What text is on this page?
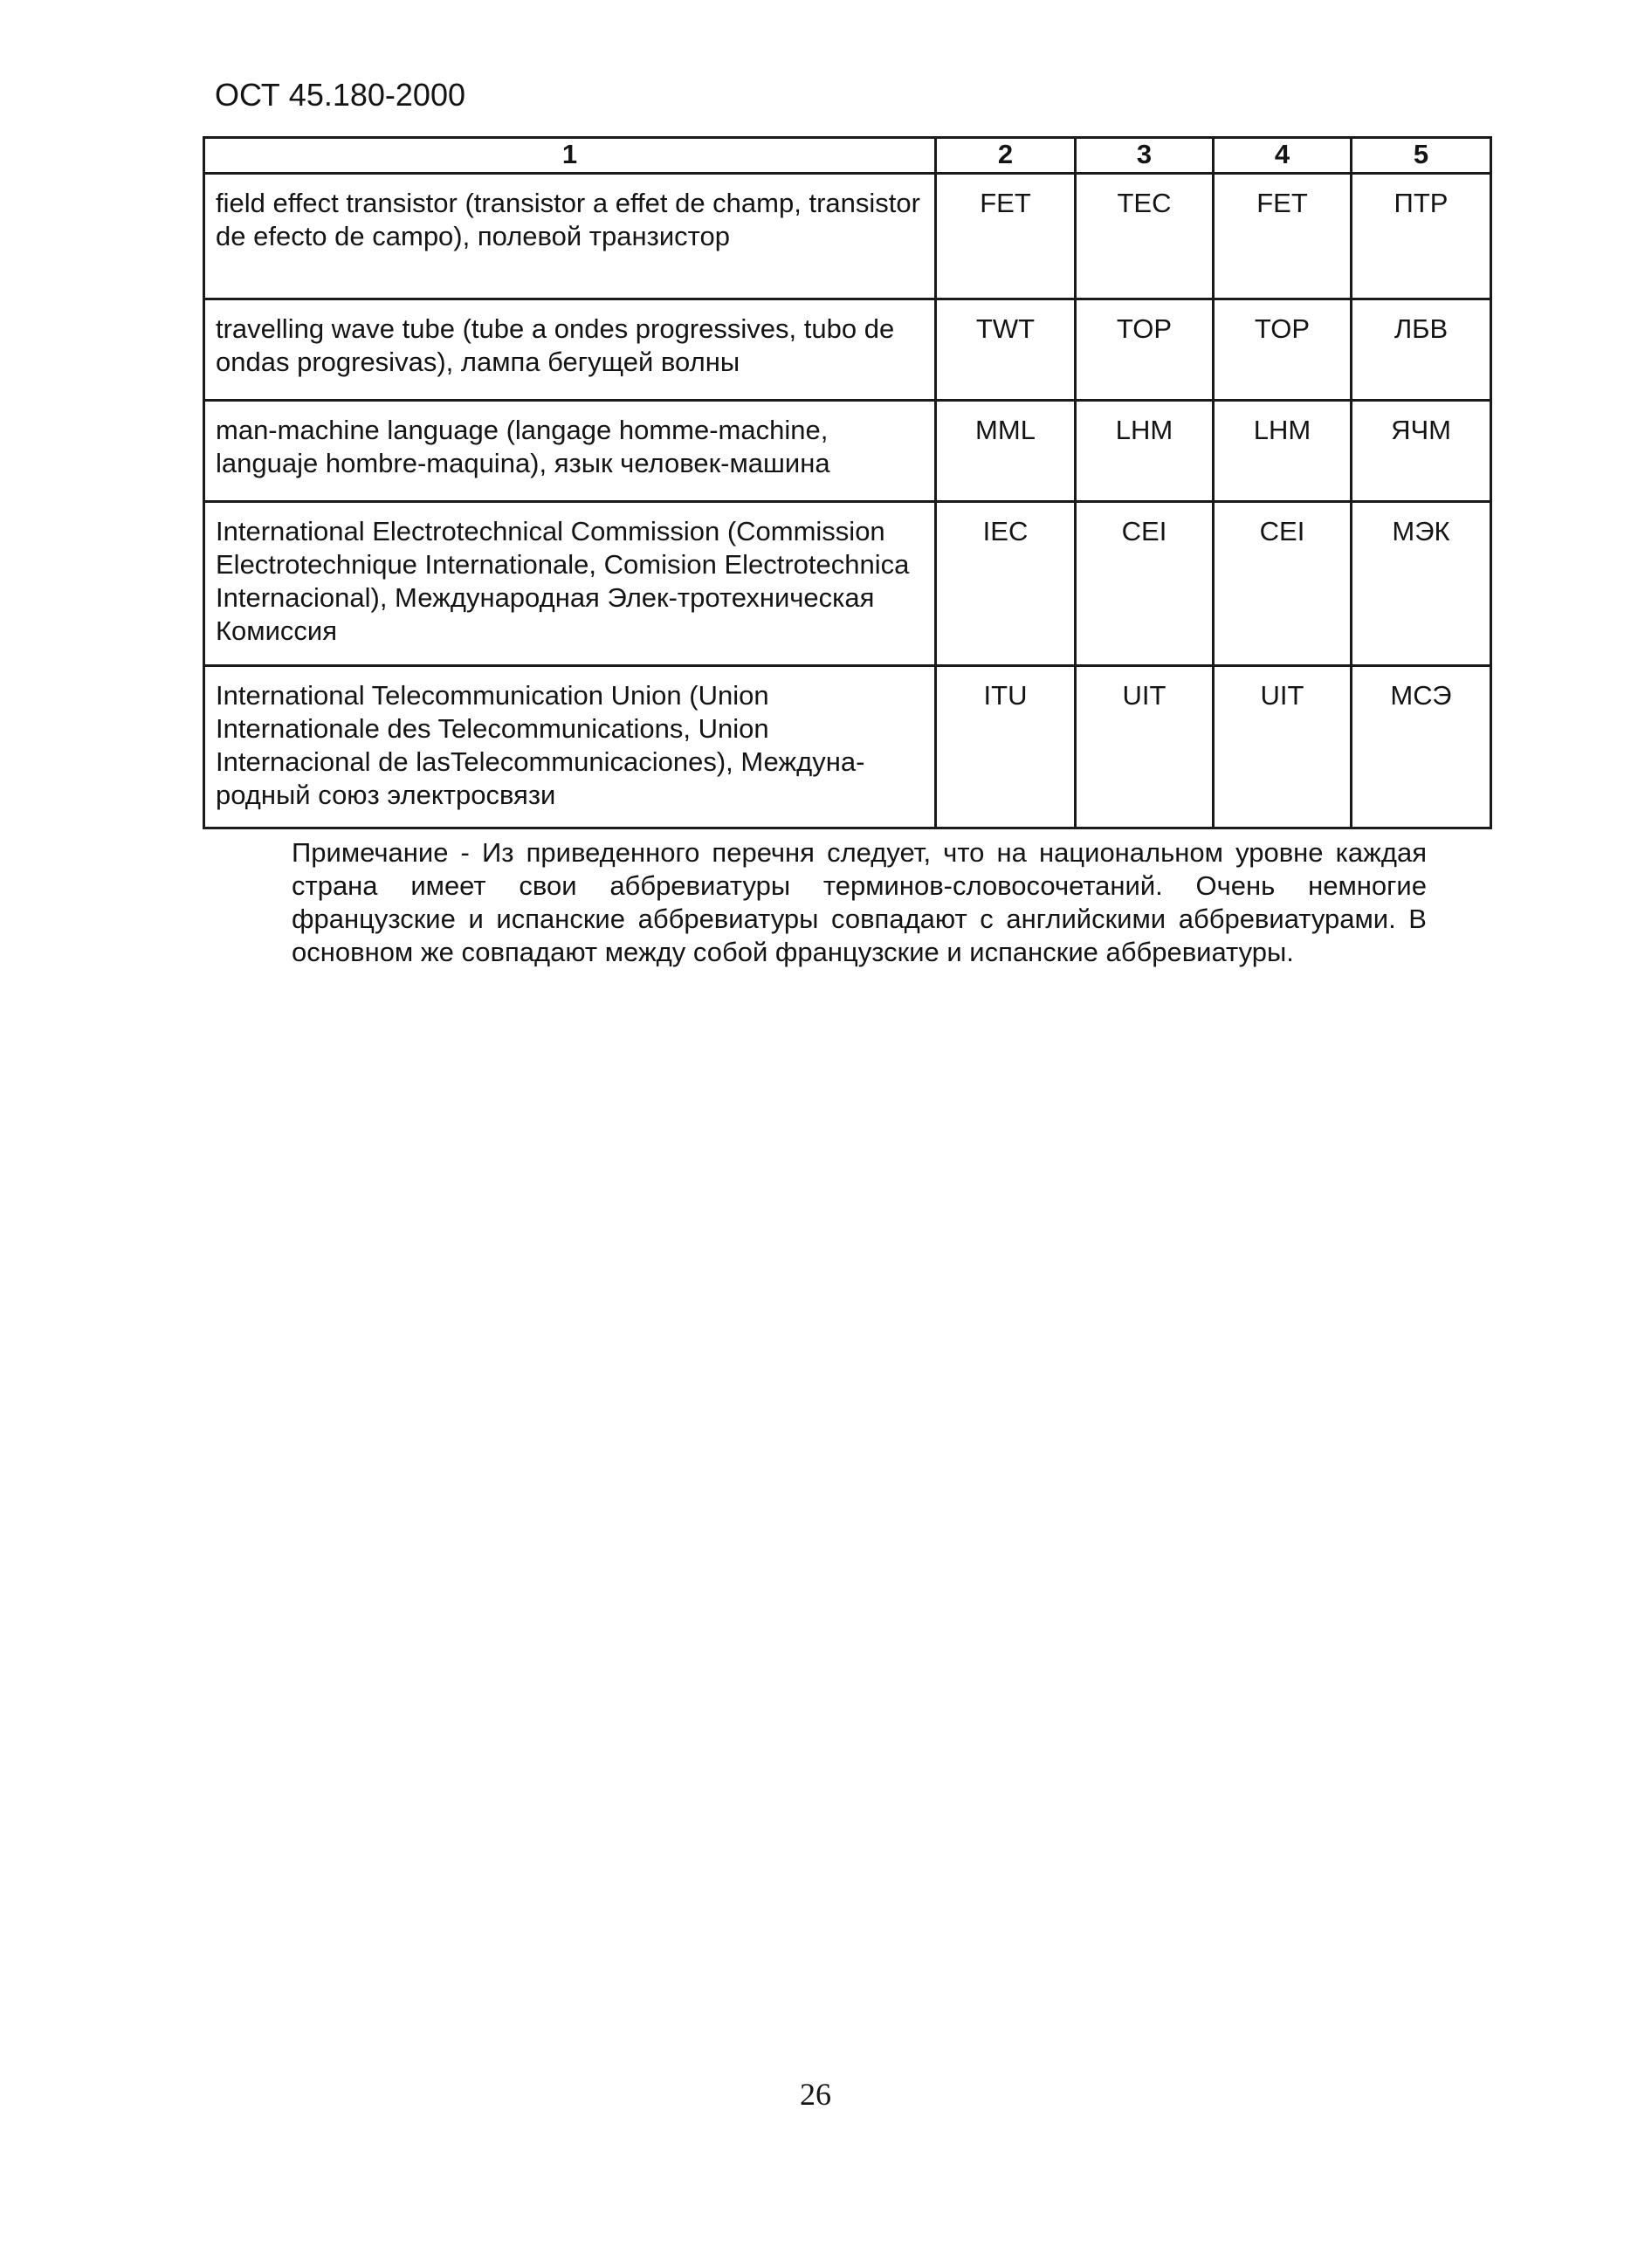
ОСТ 45.180-2000
1	2	3	4	5
field effect transistor (transistor a effet de champ, transistor de efecto de campo), полевой транзистор	FET	TEC	FET	ПТР
travelling wave tube (tube a ondes progressives, tubo de ondas progresivas), лампа бегущей волны	TWT	TOP	TOP	ЛБВ
man-machine language (langage homme-machine, languaje hombre-maquina), язык человек-машина	MML	LHM	LHM	ЯЧМ
International Electrotechnical Commission (Commission Electrotechnique Internationale, Comision Electrotechnica Internacional), Международная Элек-тротехническая Комиссия	IEC	CEI	CEI	МЭК
International Telecommunication Union (Union Internationale des Telecommunications, Union Internacional de lasTelecommunicaciones), Междуна-родный союз электросвязи	ITU	UIT	UIT	МСЭ
Примечание - Из приведенного перечня следует, что на национальном уровне каждая страна имеет свои аббревиатуры терминов-словосочетаний. Очень немногие французские и испанские аббревиатуры совпадают с английскими аббревиатурами. В основном же совпадают между собой французские и испанские аббревиатуры.
26
